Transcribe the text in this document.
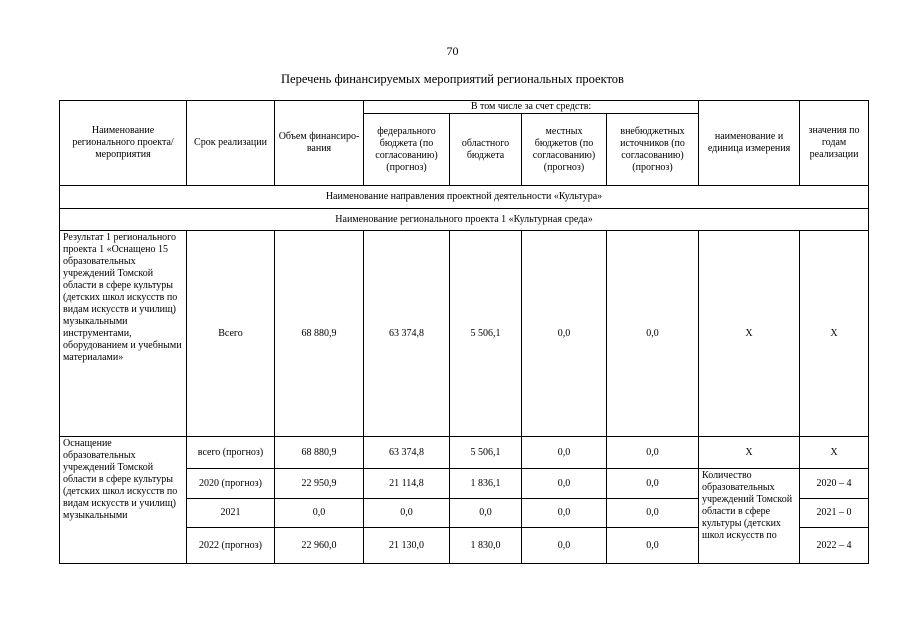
70
Перечень финансируемых мероприятий региональных проектов
Наименование регионального проекта/ мероприятия	Срок реализации	Объем финансиро- вания	В том числе за счет средств:				наименование и единица измерения	значения по годам реализации
			федерального бюджета (по согласованию) (прогноз)	областного бюджета	местных бюджетов (по согласованию) (прогноз)	внебюджетных источников (по согласованию) (прогноз)		
Наименование направления проектной деятельности «Культура»								
Наименование регионального проекта 1 «Культурная среда»								
Результат 1 регионального проекта 1 «Оснащено 15 образовательных учреждений Томской области в сфере культуры (детских школ искусств по видам искусств и училищ) музыкальными инструментами, оборудованием и учебными материалами»	Всего	68 880,9	63 374,8	5 506,1	0,0	0,0	X	X
Оснащение образовательных учреждений Томской области в сфере культуры (детских школ искусств по видам искусств и училищ) музыкальными	всего (прогноз)	68 880,9	63 374,8	5 506,1	0,0	0,0	X	X
	2020 (прогноз)	22 950,9	21 114,8	1 836,1	0,0	0,0	Количество образовательных учреждений Томской области в сфере культуры (детских школ искусств по	2020 – 4
	2021	0,0	0,0	0,0	0,0	0,0		2021 – 0
	2022 (прогноз)	22 960,0	21 130,0	1 830,0	0,0	0,0		2022 – 4
